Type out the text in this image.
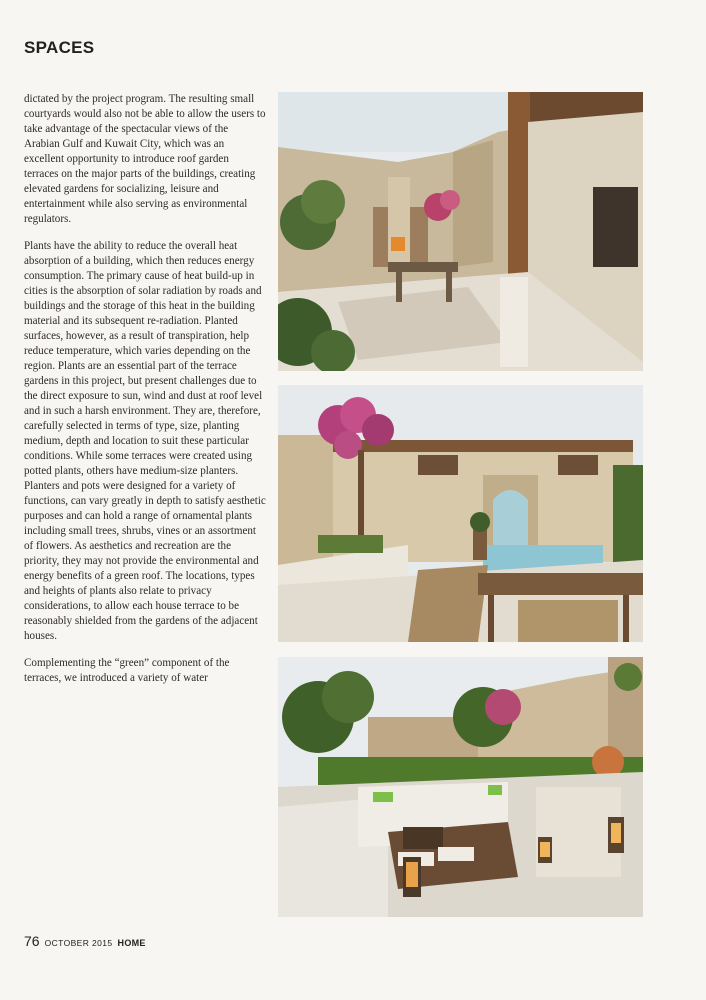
SPACES

dictated by the project program. The resulting small courtyards would also not be able to allow the users to take advantage of the spectacular views of the Arabian Gulf and Kuwait City, which was an excellent opportunity to introduce roof garden terraces on the major parts of the buildings, creating elevated gardens for socializing, leisure and entertainment while also serving as environmental regulators.

Plants have the ability to reduce the overall heat absorption of a building, which then reduces energy consumption. The primary cause of heat build-up in cities is the absorption of solar radiation by roads and buildings and the storage of this heat in the building material and its subsequent re-radiation. Planted surfaces, however, as a result of transpiration, help reduce temperature, which varies depending on the region. Plants are an essential part of the terrace gardens in this project, but present challenges due to the direct exposure to sun, wind and dust at roof level and in such a harsh environment. They are, therefore, carefully selected in terms of type, size, planting medium, depth and location to suit these particular conditions. While some terraces were created using potted plants, others have medium-size planters. Planters and pots were designed for a variety of functions, can vary greatly in depth to satisfy aesthetic purposes and can hold a range of ornamental plants including small trees, shrubs, vines or an assortment of flowers. As aesthetics and recreation are the priority, they may not provide the environmental and energy benefits of a green roof. The locations, types and heights of plants also relate to privacy considerations, to allow each house terrace to be reasonably shielded from the gardens of the adjacent houses.

Complementing the “green” component of the terraces, we introduced a variety of water

76 OCTOBER 2015 HOME
